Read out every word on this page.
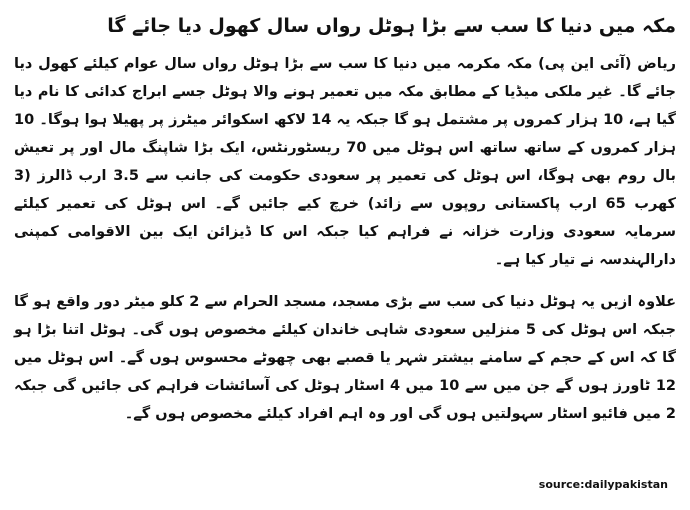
مکہ میں دنیا کا سب سے بڑا ہوٹل رواں سال کھول دیا جائے گا

ریاض (آئی این پی) مکہ مکرمہ میں دنیا کا سب سے بڑا ہوٹل رواں سال عوام کیلئے کھول دیا جائے گا۔ غیر ملکی میڈیا کے مطابق مکہ میں تعمیر ہونے والا ہوٹل جسے ابراج کدائی کا نام دیا گیا ہے، 10 ہزار کمروں پر مشتمل ہو گا جبکہ یہ 14 لاکھ اسکوائر میٹرز پر پھیلا ہوا ہوگا۔ 10 ہزار کمروں کے ساتھ ساتھ اس ہوٹل میں 70 ریسٹورنٹس، ایک بڑا شاپنگ مال اور پر تعیش بال روم بھی ہوگا، اس ہوٹل کی تعمیر پر سعودی حکومت کی جانب سے 3.5 ارب ڈالرز (3 کھرب 65 ارب پاکستانی روپوں سے زائد) خرچ کیے جائیں گے۔ اس ہوٹل کی تعمیر کیلئے سرمایہ سعودی وزارت خزانہ نے فراہم کیا جبکہ اس کا ڈیزائن ایک بین الاقوامی کمپنی دارالہندسہ نے تیار کیا ہے۔

علاوہ ازیں یہ ہوٹل دنیا کی سب سے بڑی مسجد، مسجد الحرام سے 2 کلو میٹر دور واقع ہو گا جبکہ اس ہوٹل کی 5 منزلیں سعودی شاہی خاندان کیلئے مخصوص ہوں گی۔ ہوٹل اتنا بڑا ہو گا کہ اس کے حجم کے سامنے بیشتر شہر یا قصبے بھی چھوٹے محسوس ہوں گے۔ اس ہوٹل میں 12 ٹاورز ہوں گے جن میں سے 10 میں 4 اسٹار ہوٹل کی آسائشات فراہم کی جائیں گی جبکہ 2 میں فائیو اسٹار سہولتیں ہوں گی اور وہ اہم افراد کیلئے مخصوص ہوں گے۔

source:dailypakistan
